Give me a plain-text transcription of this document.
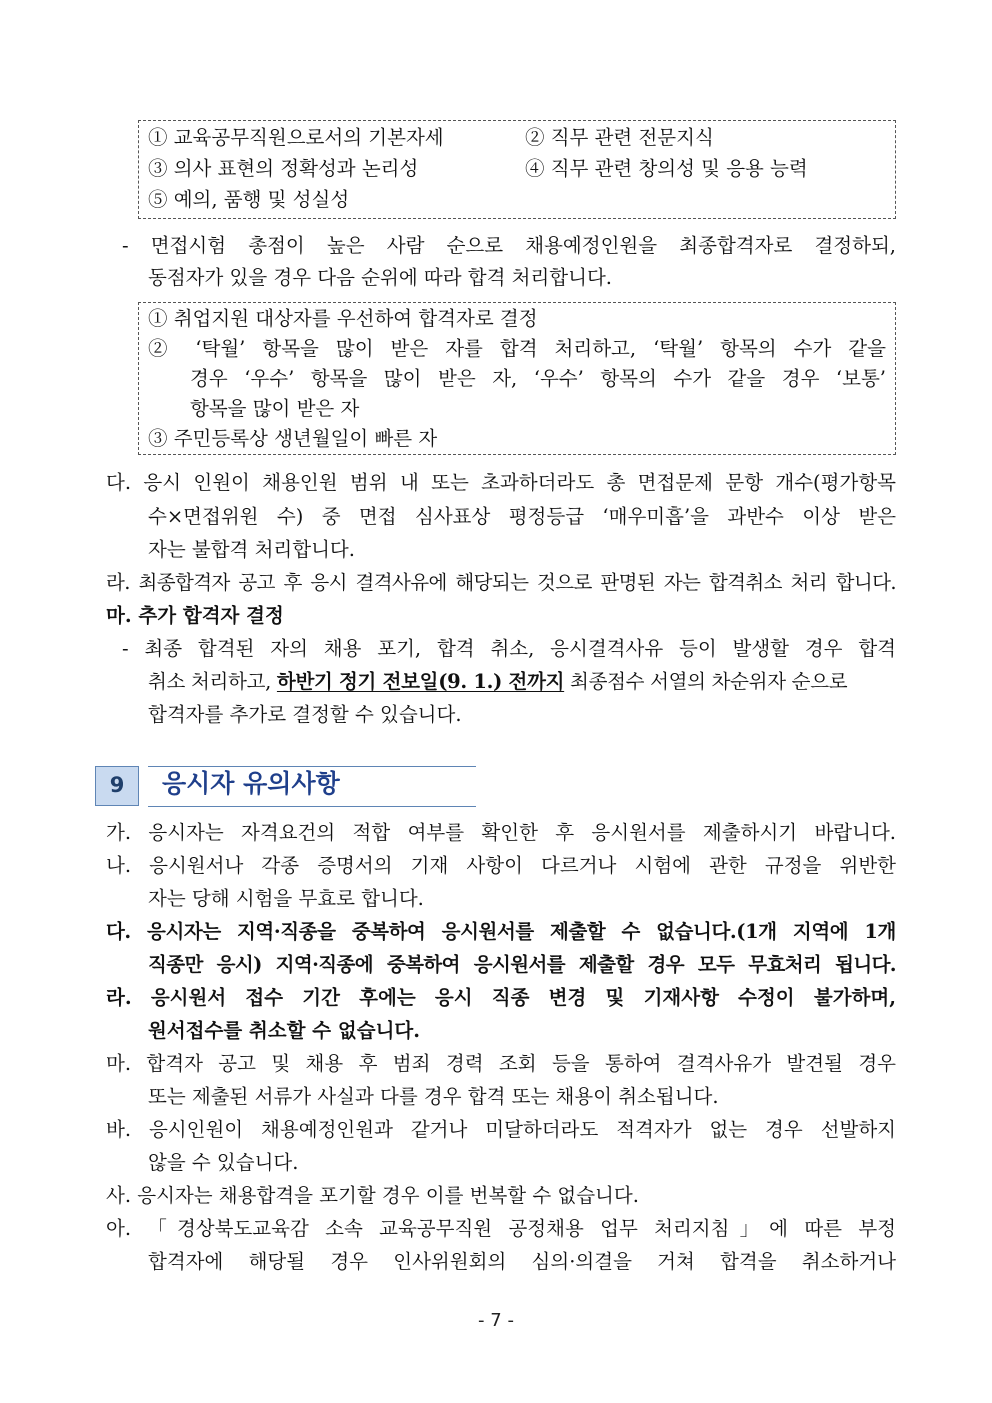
① 교육공무직원으로서의 기본자세	② 직무 관련 전문지식
③ 의사 표현의 정확성과 논리성	④ 직무 관련 창의성 및 응용 능력
⑤ 예의, 품행 및 성실성
- 면접시험 총점이 높은 사람 순으로 채용예정인원을 최종합격자로 결정하되,
동점자가 있을 경우 다음 순위에 따라 합격 처리합니다.
① 취업지원 대상자를 우선하여 합격자로 결정
② ‘탁월’ 항목을 많이 받은 자를 합격 처리하고, ‘탁월’ 항목의 수가 같을
경우 ‘우수’ 항목을 많이 받은 자, ‘우수’ 항목의 수가 같을 경우 ‘보통’
항목을 많이 받은 자
③ 주민등록상 생년월일이 빠른 자
다. 응시 인원이 채용인원 범위 내 또는 초과하더라도 총 면접문제 문항 개수(평가항목
수×면접위원 수) 중 면접 심사표상 평정등급 ‘매우미흡’을 과반수 이상 받은
자는 불합격 처리합니다.
라. 최종합격자 공고 후 응시 결격사유에 해당되는 것으로 판명된 자는 합격취소 처리 합니다.
마. 추가 합격자 결정
- 최종 합격된 자의 채용 포기, 합격 취소, 응시결격사유 등이 발생할 경우 합격
취소 처리하고, 하반기 정기 전보일(9. 1.) 전까지 최종점수 서열의 차순위자 순으로
합격자를 추가로 결정할 수 있습니다.
9	응시자 유의사항
가. 응시자는 자격요건의 적합 여부를 확인한 후 응시원서를 제출하시기 바랍니다.
나. 응시원서나 각종 증명서의 기재 사항이 다르거나 시험에 관한 규정을 위반한
자는 당해 시험을 무효로 합니다.
다. 응시자는 지역·직종을 중복하여 응시원서를 제출할 수 없습니다.(1개 지역에 1개
직종만 응시) 지역·직종에 중복하여 응시원서를 제출할 경우 모두 무효처리 됩니다.
라. 응시원서 접수 기간 후에는 응시 직종 변경 및 기재사항 수정이 불가하며,
원서접수를 취소할 수 없습니다.
마. 합격자 공고 및 채용 후 범죄 경력 조회 등을 통하여 결격사유가 발견될 경우
또는 제출된 서류가 사실과 다를 경우 합격 또는 채용이 취소됩니다.
바. 응시인원이 채용예정인원과 같거나 미달하더라도 적격자가 없는 경우 선발하지
않을 수 있습니다.
사. 응시자는 채용합격을 포기할 경우 이를 번복할 수 없습니다.
아. 「경상북도교육감 소속 교육공무직원 공정채용 업무 처리지침」에 따른 부정
합격자에 해당될 경우 인사위원회의 심의·의결을 거쳐 합격을 취소하거나
- 7 -
